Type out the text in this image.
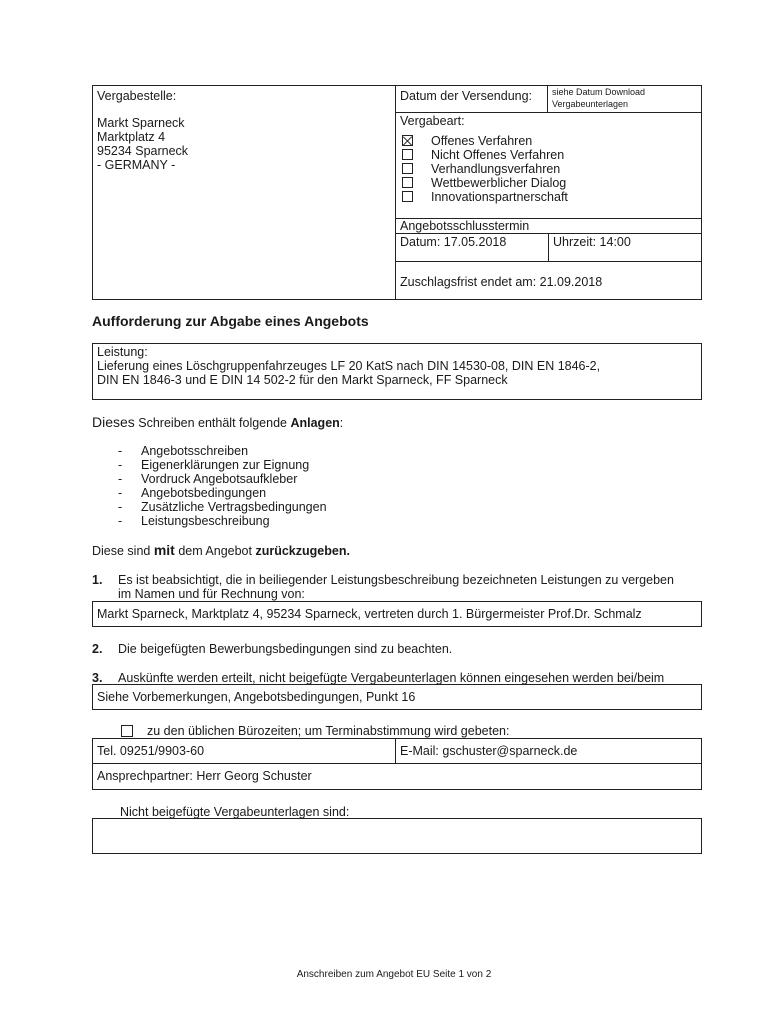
Vergabestelle:
Markt Sparneck
Marktplatz 4
95234 Sparneck
- GERMANY -
Datum der Versendung: siehe Datum Download
Vergabeunterlagen
Vergabeart:
Offenes Verfahren
Nicht Offenes Verfahren
Verhandlungsverfahren
Wettbewerblicher Dialog
Innovationspartnerschaft
Angebotsschlusstermin
Datum: 17.05.2018	Uhrzeit: 14:00
Zuschlagsfrist endet am: 21.09.2018
Aufforderung zur Abgabe eines Angebots
Leistung:
Lieferung eines Löschgruppenfahrzeuges LF 20 KatS nach DIN 14530-08, DIN EN 1846-2,
DIN EN 1846-3 und E DIN 14 502-2 für den Markt Sparneck, FF Sparneck
Dieses Schreiben enthält folgende Anlagen:
- Angebotsschreiben
- Eigenerklärungen zur Eignung
- Vordruck Angebotsaufkleber
- Angebotsbedingungen
- Zusätzliche Vertragsbedingungen
- Leistungsbeschreibung
Diese sind mit dem Angebot zurückzugeben.
1. Es ist beabsichtigt, die in beiliegender Leistungsbeschreibung bezeichneten Leistungen zu vergeben
im Namen und für Rechnung von:
Markt Sparneck, Marktplatz 4, 95234 Sparneck, vertreten durch 1. Bürgermeister Prof.Dr. Schmalz
2. Die beigefügten Bewerbungsbedingungen sind zu beachten.
3. Auskünfte werden erteilt, nicht beigefügte Vergabeunterlagen können eingesehen werden bei/beim
Siehe Vorbemerkungen, Angebotsbedingungen, Punkt 16
zu den üblichen Bürozeiten; um Terminabstimmung wird gebeten:
Tel. 09251/9903-60	E-Mail: gschuster@sparneck.de
Ansprechpartner: Herr Georg Schuster
Nicht beigefügte Vergabeunterlagen sind:
Anschreiben zum Angebot EU Seite 1 von 2
